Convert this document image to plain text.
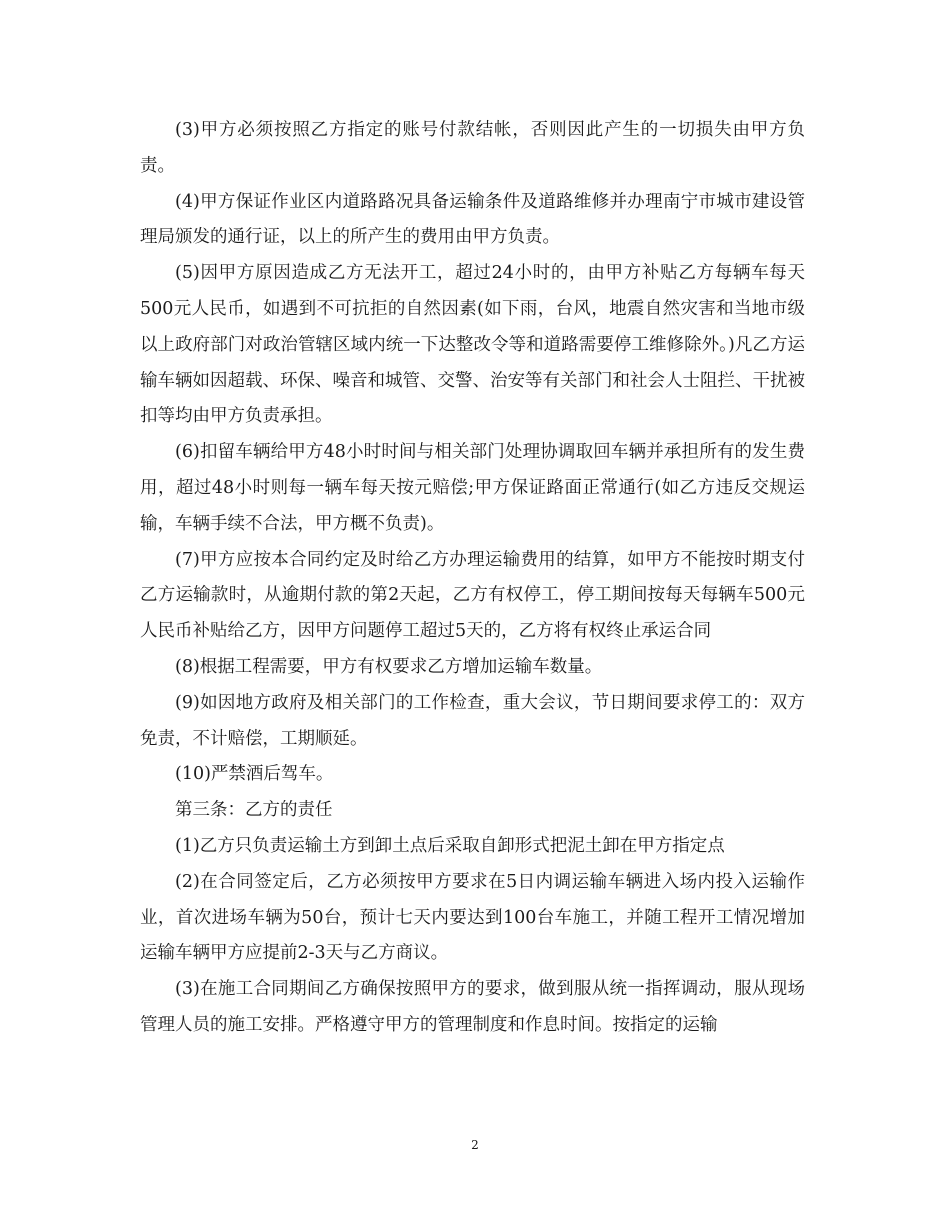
(3)甲方必须按照乙方指定的账号付款结帐，否则因此产生的一切损失由甲方负责。

(4)甲方保证作业区内道路路况具备运输条件及道路维修并办理南宁市城市建设管理局颁发的通行证，以上的所产生的费用由甲方负责。

(5)因甲方原因造成乙方无法开工，超过24小时的，由甲方补贴乙方每辆车每天500元人民币，如遇到不可抗拒的自然因素(如下雨，台风，地震自然灾害和当地市级以上政府部门对政治管辖区域内统一下达整改令等和道路需要停工维修除外。)凡乙方运输车辆如因超载、环保、噪音和城管、交警、治安等有关部门和社会人士阻拦、干扰被扣等均由甲方负责承担。

(6)扣留车辆给甲方48小时时间与相关部门处理协调取回车辆并承担所有的发生费用，超过48小时则每一辆车每天按元赔偿;甲方保证路面正常通行(如乙方违反交规运输，车辆手续不合法，甲方概不负责)。

(7)甲方应按本合同约定及时给乙方办理运输费用的结算，如甲方不能按时期支付乙方运输款时，从逾期付款的第2天起，乙方有权停工，停工期间按每天每辆车500元人民币补贴给乙方，因甲方问题停工超过5天的，乙方将有权终止承运合同

(8)根据工程需要，甲方有权要求乙方增加运输车数量。

(9)如因地方政府及相关部门的工作检查，重大会议，节日期间要求停工的：双方免责，不计赔偿，工期顺延。

(10)严禁酒后驾车。

第三条：乙方的责任

(1)乙方只负责运输土方到卸土点后采取自卸形式把泥土卸在甲方指定点

(2)在合同签定后，乙方必须按甲方要求在5日内调运输车辆进入场内投入运输作业，首次进场车辆为50台，预计七天内要达到100台车施工，并随工程开工情况增加运输车辆甲方应提前2-3天与乙方商议。

(3)在施工合同期间乙方确保按照甲方的要求，做到服从统一指挥调动，服从现场管理人员的施工安排。严格遵守甲方的管理制度和作息时间。按指定的运输

2
